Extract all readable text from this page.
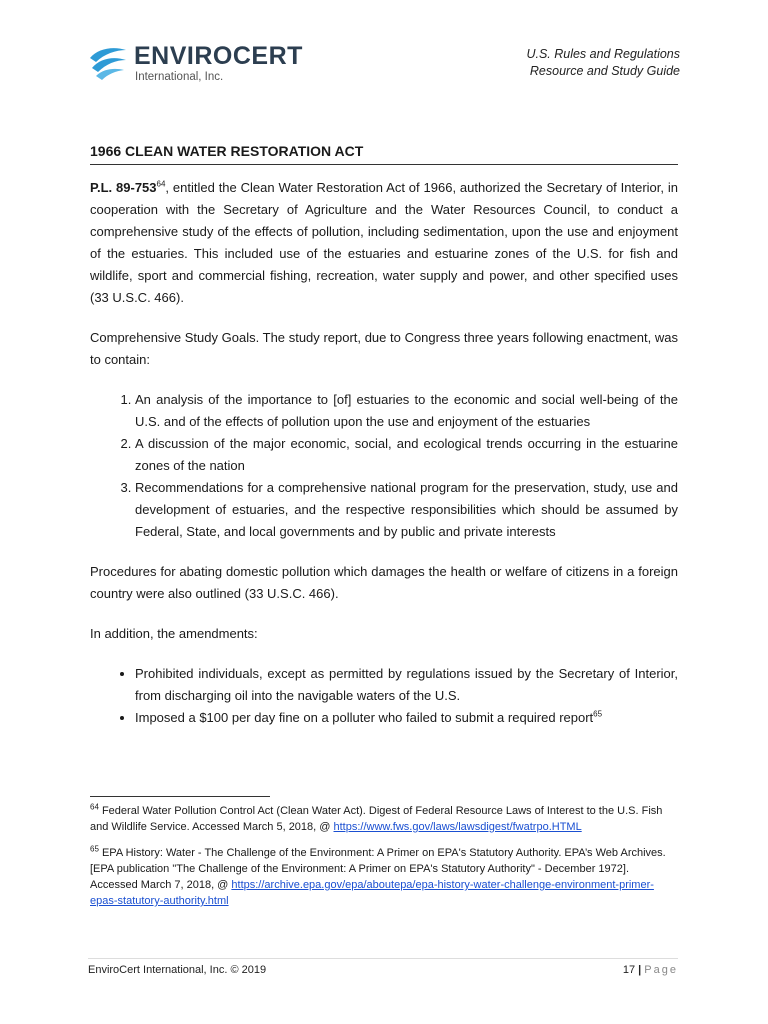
ENVIROCERT
International, Inc.
U.S. Rules and Regulations
Resource and Study Guide
1966 CLEAN WATER RESTORATION ACT

P.L. $89-753^{64}$, entitled the Clean Water Restoration Act of 1966, authorized the Secretary of Interior, in cooperation with the Secretary of Agriculture and the Water Resources Council, to conduct a comprehensive study of the effects of pollution, including sedimentation, upon the use and enjoyment of the estuaries. This included use of the estuaries and estuarine zones of the U.S. for fish and wildlife, sport and commercial fishing, recreation, water supply and power, and other specified uses (33 U.S.C. 466).

Comprehensive Study Goals. The study report, due to Congress three years following enactment, was to contain:

1. An analysis of the importance to [of] estuaries to the economic and social well-being of the U.S. and of the effects of pollution upon the use and enjoyment of the estuaries
2. A discussion of the major economic, social, and ecological trends occurring in the estuarine zones of the nation
3. Recommendations for a comprehensive national program for the preservation, study, use and development of estuaries, and the respective responsibilities which should be assumed by Federal, State, and local governments and by public and private interests

Procedures for abating domestic pollution which damages the health or welfare of citizens in a foreign country were also outlined (33 U.S.C. 466).

In addition, the amendments:

• Prohibited individuals, except as permitted by regulations issued by the Secretary of Interior, from discharging oil into the navigable waters of the U.S.
• Imposed a $100 per day fine on a polluter who failed to submit a required report$^{65}$

$^{64}$ Federal Water Pollution Control Act (Clean Water Act). Digest of Federal Resource Laws of Interest to the U.S. Fish and Wildlife Service. Accessed March 5, 2018, @ https://www.fws.gov/laws/lawsdigest/fwatrpo.HTML

$^{65}$ EPA History: Water - The Challenge of the Environment: A Primer on EPA's Statutory Authority. EPA’s Web Archives. [EPA publication "The Challenge of the Environment: A Primer on EPA's Statutory Authority" - December 1972]. Accessed March 7, 2018, @ https://archive.epa.gov/epa/aboutepa/epa-history-water-challenge-environment-primer-epas-statutory-authority.html

EnviroCert International, Inc. © 2019	17 | Page
